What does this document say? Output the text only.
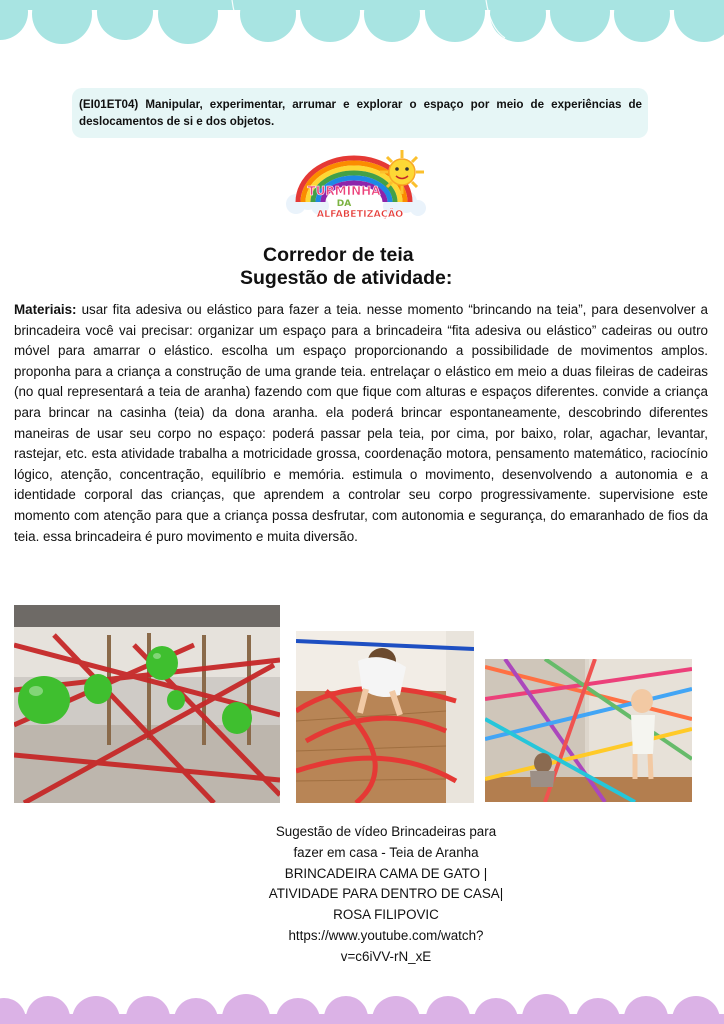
(EI01ET04) Manipular, experimentar, arrumar e explorar o espaço por meio de experiências de deslocamentos de si e dos objetos.
TURMINHA
DA
ALFABETIZAÇÃO
Corredor de teia
Sugestão de atividade:
Materiais: usar fita adesiva ou elástico para fazer a teia. nesse momento “brincando na teia”, para desenvolver a brincadeira você vai precisar: organizar um espaço para a brincadeira “fita adesiva ou elástico” cadeiras ou outro móvel para amarrar o elástico. escolha um espaço proporcionando a possibilidade de movimentos amplos. proponha para a criança a construção de uma grande teia. entrelaçar o elástico em meio a duas fileiras de cadeiras (no qual representará a teia de aranha) fazendo com que fique com alturas e espaços diferentes. convide a criança para brincar na casinha (teia) da dona aranha. ela poderá brincar espontaneamente, descobrindo diferentes maneiras de usar seu corpo no espaço: poderá passar pela teia, por cima, por baixo, rolar, agachar, levantar, rastejar, etc. esta atividade trabalha a motricidade grossa, coordenação motora, pensamento matemático, raciocínio lógico, atenção, concentração, equilíbrio e memória. estimula o movimento, desenvolvendo a autonomia e a identidade corporal das crianças, que aprendem a controlar seu corpo progressivamente. supervisione este momento com atenção para que a criança possa desfrutar, com autonomia e segurança, do emaranhado de fios da teia. essa brincadeira é puro movimento e muita diversão.
Sugestão de vídeo Brincadeiras para
fazer em casa - Teia de Aranha
BRINCADEIRA CAMA DE GATO |
ATIVIDADE PARA DENTRO DE CASA|
ROSA FILIPOVIC
https://www.youtube.com/watch?
v=c6iVV-rN_xE
